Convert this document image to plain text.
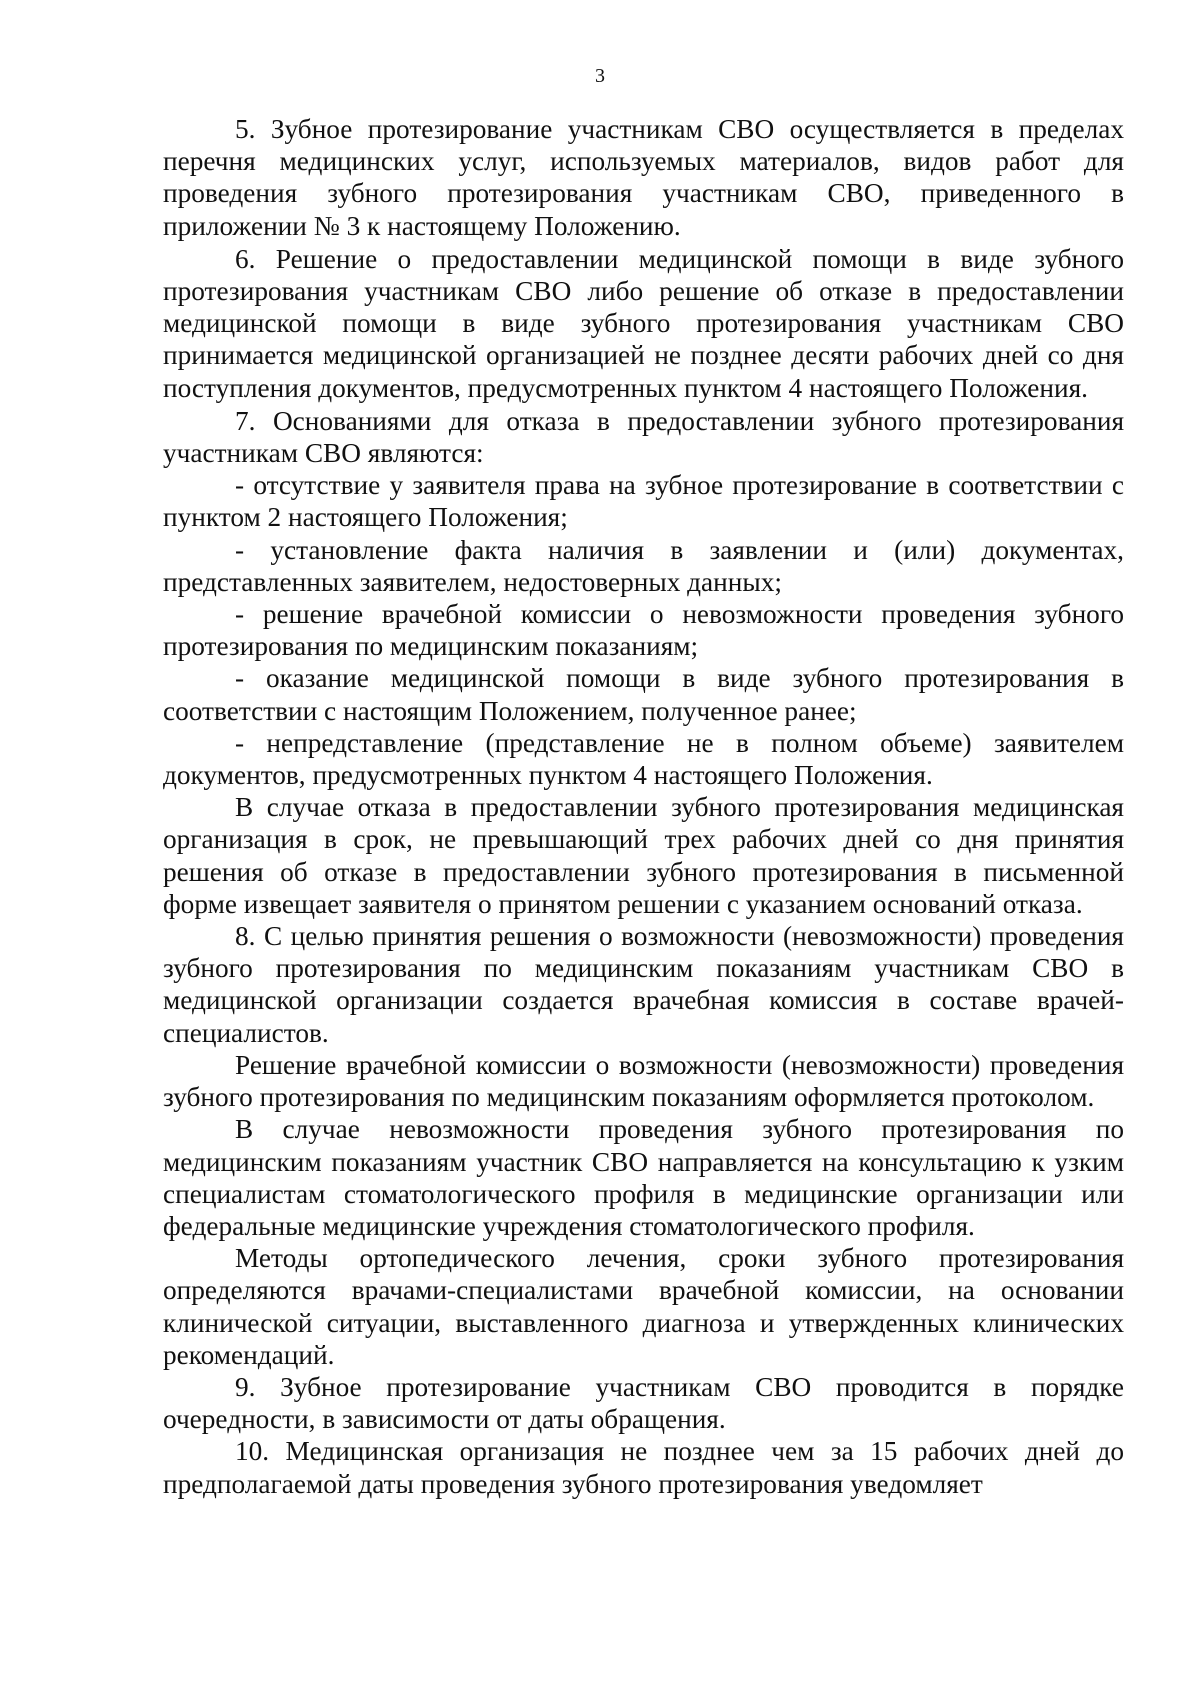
3

5. Зубное протезирование участникам СВО осуществляется в пределах перечня медицинских услуг, используемых материалов, видов работ для проведения зубного протезирования участникам СВО, приведенного в приложении № 3 к настоящему Положению.

6. Решение о предоставлении медицинской помощи в виде зубного протезирования участникам СВО либо решение об отказе в предоставлении медицинской помощи в виде зубного протезирования участникам СВО принимается медицинской организацией не позднее десяти рабочих дней со дня поступления документов, предусмотренных пунктом 4 настоящего Положения.

7. Основаниями для отказа в предоставлении зубного протезирования участникам СВО являются:

- отсутствие у заявителя права на зубное протезирование в соответствии с пунктом 2 настоящего Положения;

- установление факта наличия в заявлении и (или) документах, представленных заявителем, недостоверных данных;

- решение врачебной комиссии о невозможности проведения зубного протезирования по медицинским показаниям;

- оказание медицинской помощи в виде зубного протезирования в соответствии с настоящим Положением, полученное ранее;

- непредставление (представление не в полном объеме) заявителем документов, предусмотренных пунктом 4 настоящего Положения.

В случае отказа в предоставлении зубного протезирования медицинская организация в срок, не превышающий трех рабочих дней со дня принятия решения об отказе в предоставлении зубного протезирования в письменной форме извещает заявителя о принятом решении с указанием оснований отказа.

8. С целью принятия решения о возможности (невозможности) проведения зубного протезирования по медицинским показаниям участникам СВО в медицинской организации создается врачебная комиссия в составе врачей-специалистов.

Решение врачебной комиссии о возможности (невозможности) проведения зубного протезирования по медицинским показаниям оформляется протоколом.

В случае невозможности проведения зубного протезирования по медицинским показаниям участник СВО направляется на консультацию к узким специалистам стоматологического профиля в медицинские организации или федеральные медицинские учреждения стоматологического профиля.

Методы ортопедического лечения, сроки зубного протезирования определяются врачами-специалистами врачебной комиссии, на основании клинической ситуации, выставленного диагноза и утвержденных клинических рекомендаций.

9. Зубное протезирование участникам СВО проводится в порядке очередности, в зависимости от даты обращения.

10. Медицинская организация не позднее чем за 15 рабочих дней до предполагаемой даты проведения зубного протезирования уведомляет
